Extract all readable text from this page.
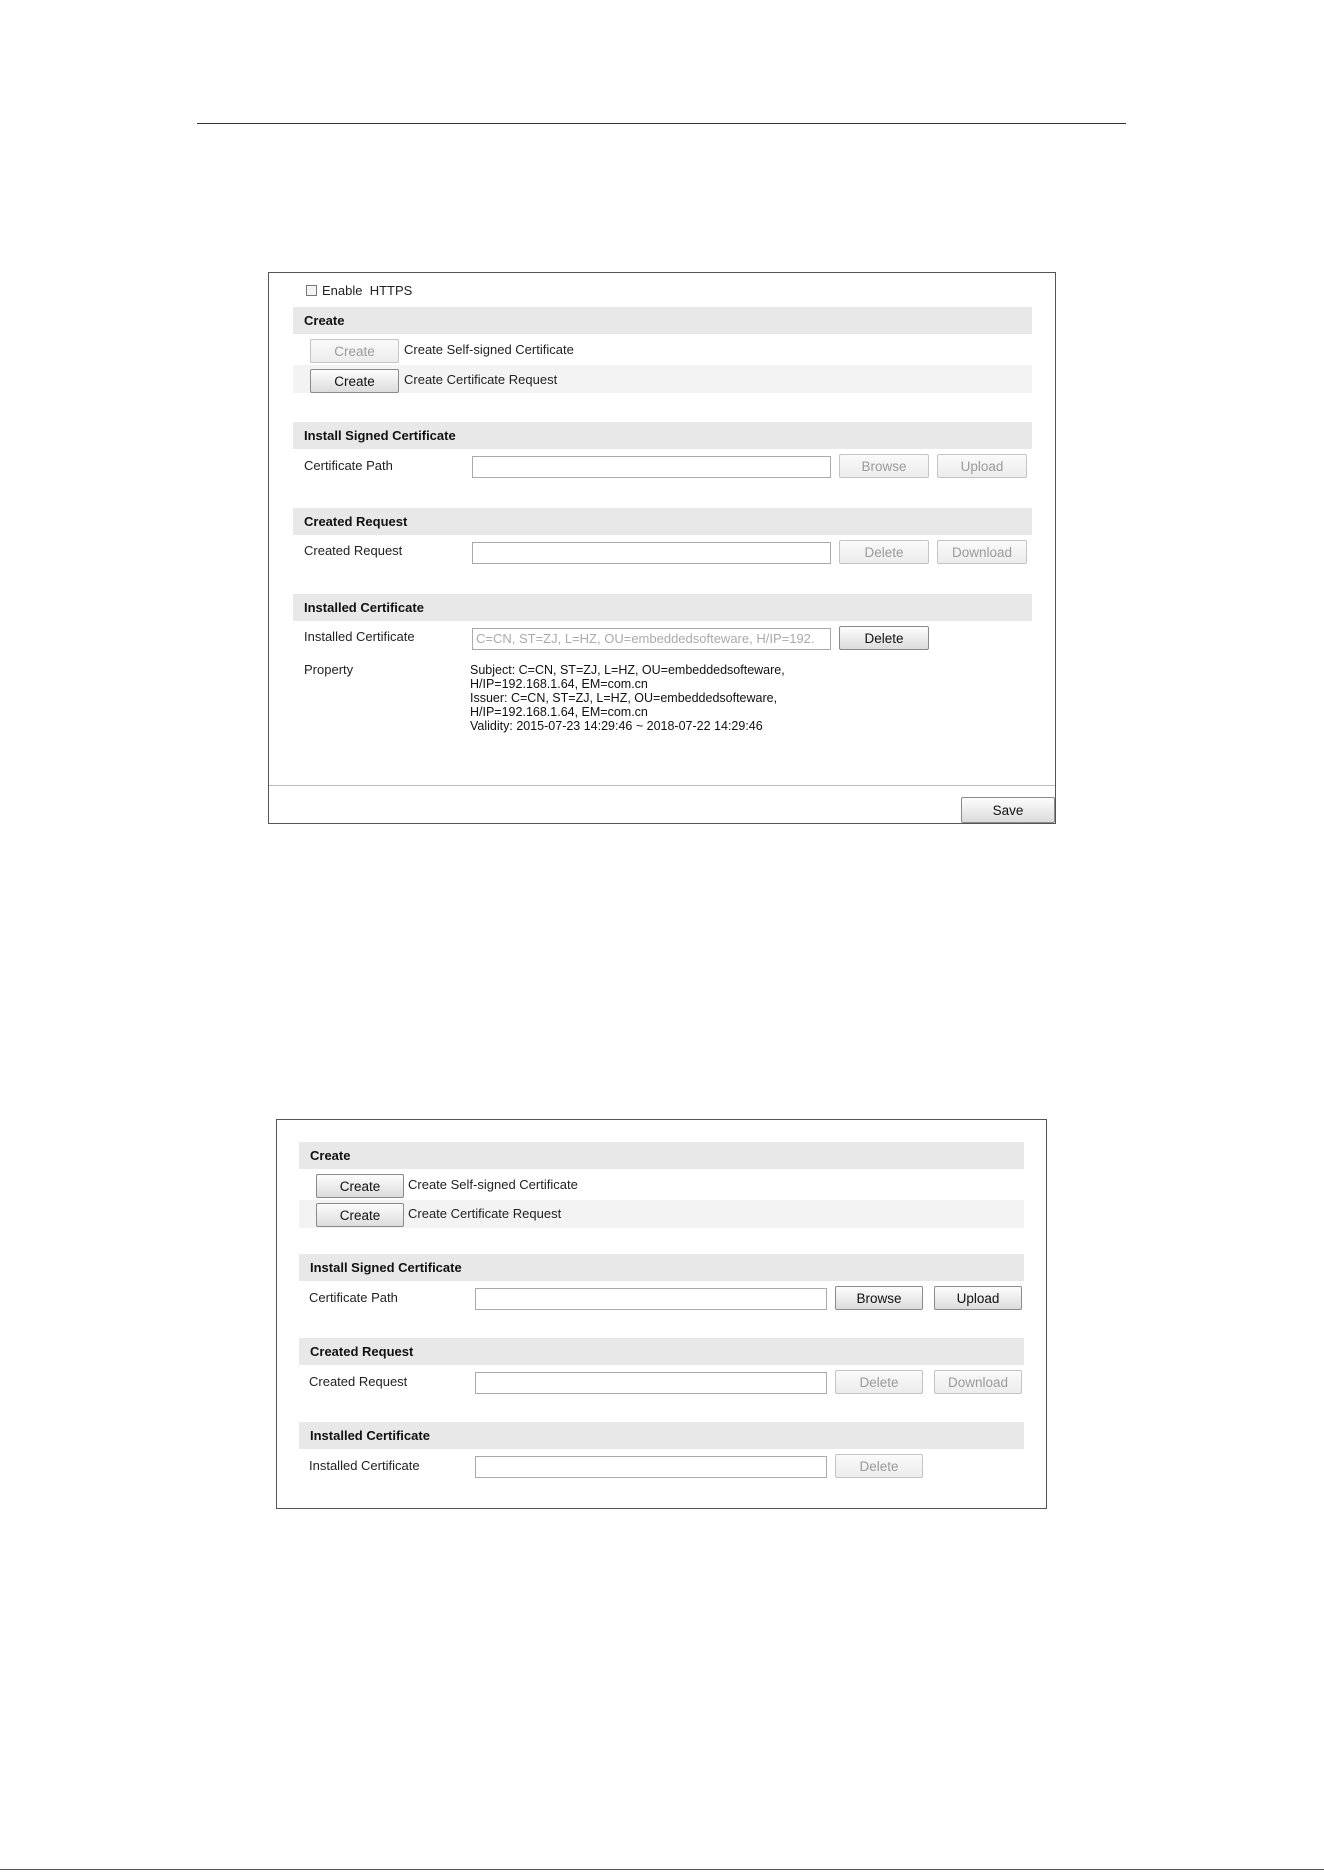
Enable  HTTPS
Create
Create	Create Self-signed Certificate
Create	Create Certificate Request
Install Signed Certificate
Certificate Path	Browse	Upload
Created Request
Created Request	Delete	Download
Installed Certificate
Installed Certificate	C=CN, ST=ZJ, L=HZ, OU=embeddedsofteware, H/IP=192.	Delete
Property	Subject: C=CN, ST=ZJ, L=HZ, OU=embeddedsofteware,
H/IP=192.168.1.64, EM=com.cn
Issuer: C=CN, ST=ZJ, L=HZ, OU=embeddedsofteware,
H/IP=192.168.1.64, EM=com.cn
Validity: 2015-07-23 14:29:46 ~ 2018-07-22 14:29:46
Save
Create
Create	Create Self-signed Certificate
Create	Create Certificate Request
Install Signed Certificate
Certificate Path	Browse	Upload
Created Request
Created Request	Delete	Download
Installed Certificate
Installed Certificate	Delete
